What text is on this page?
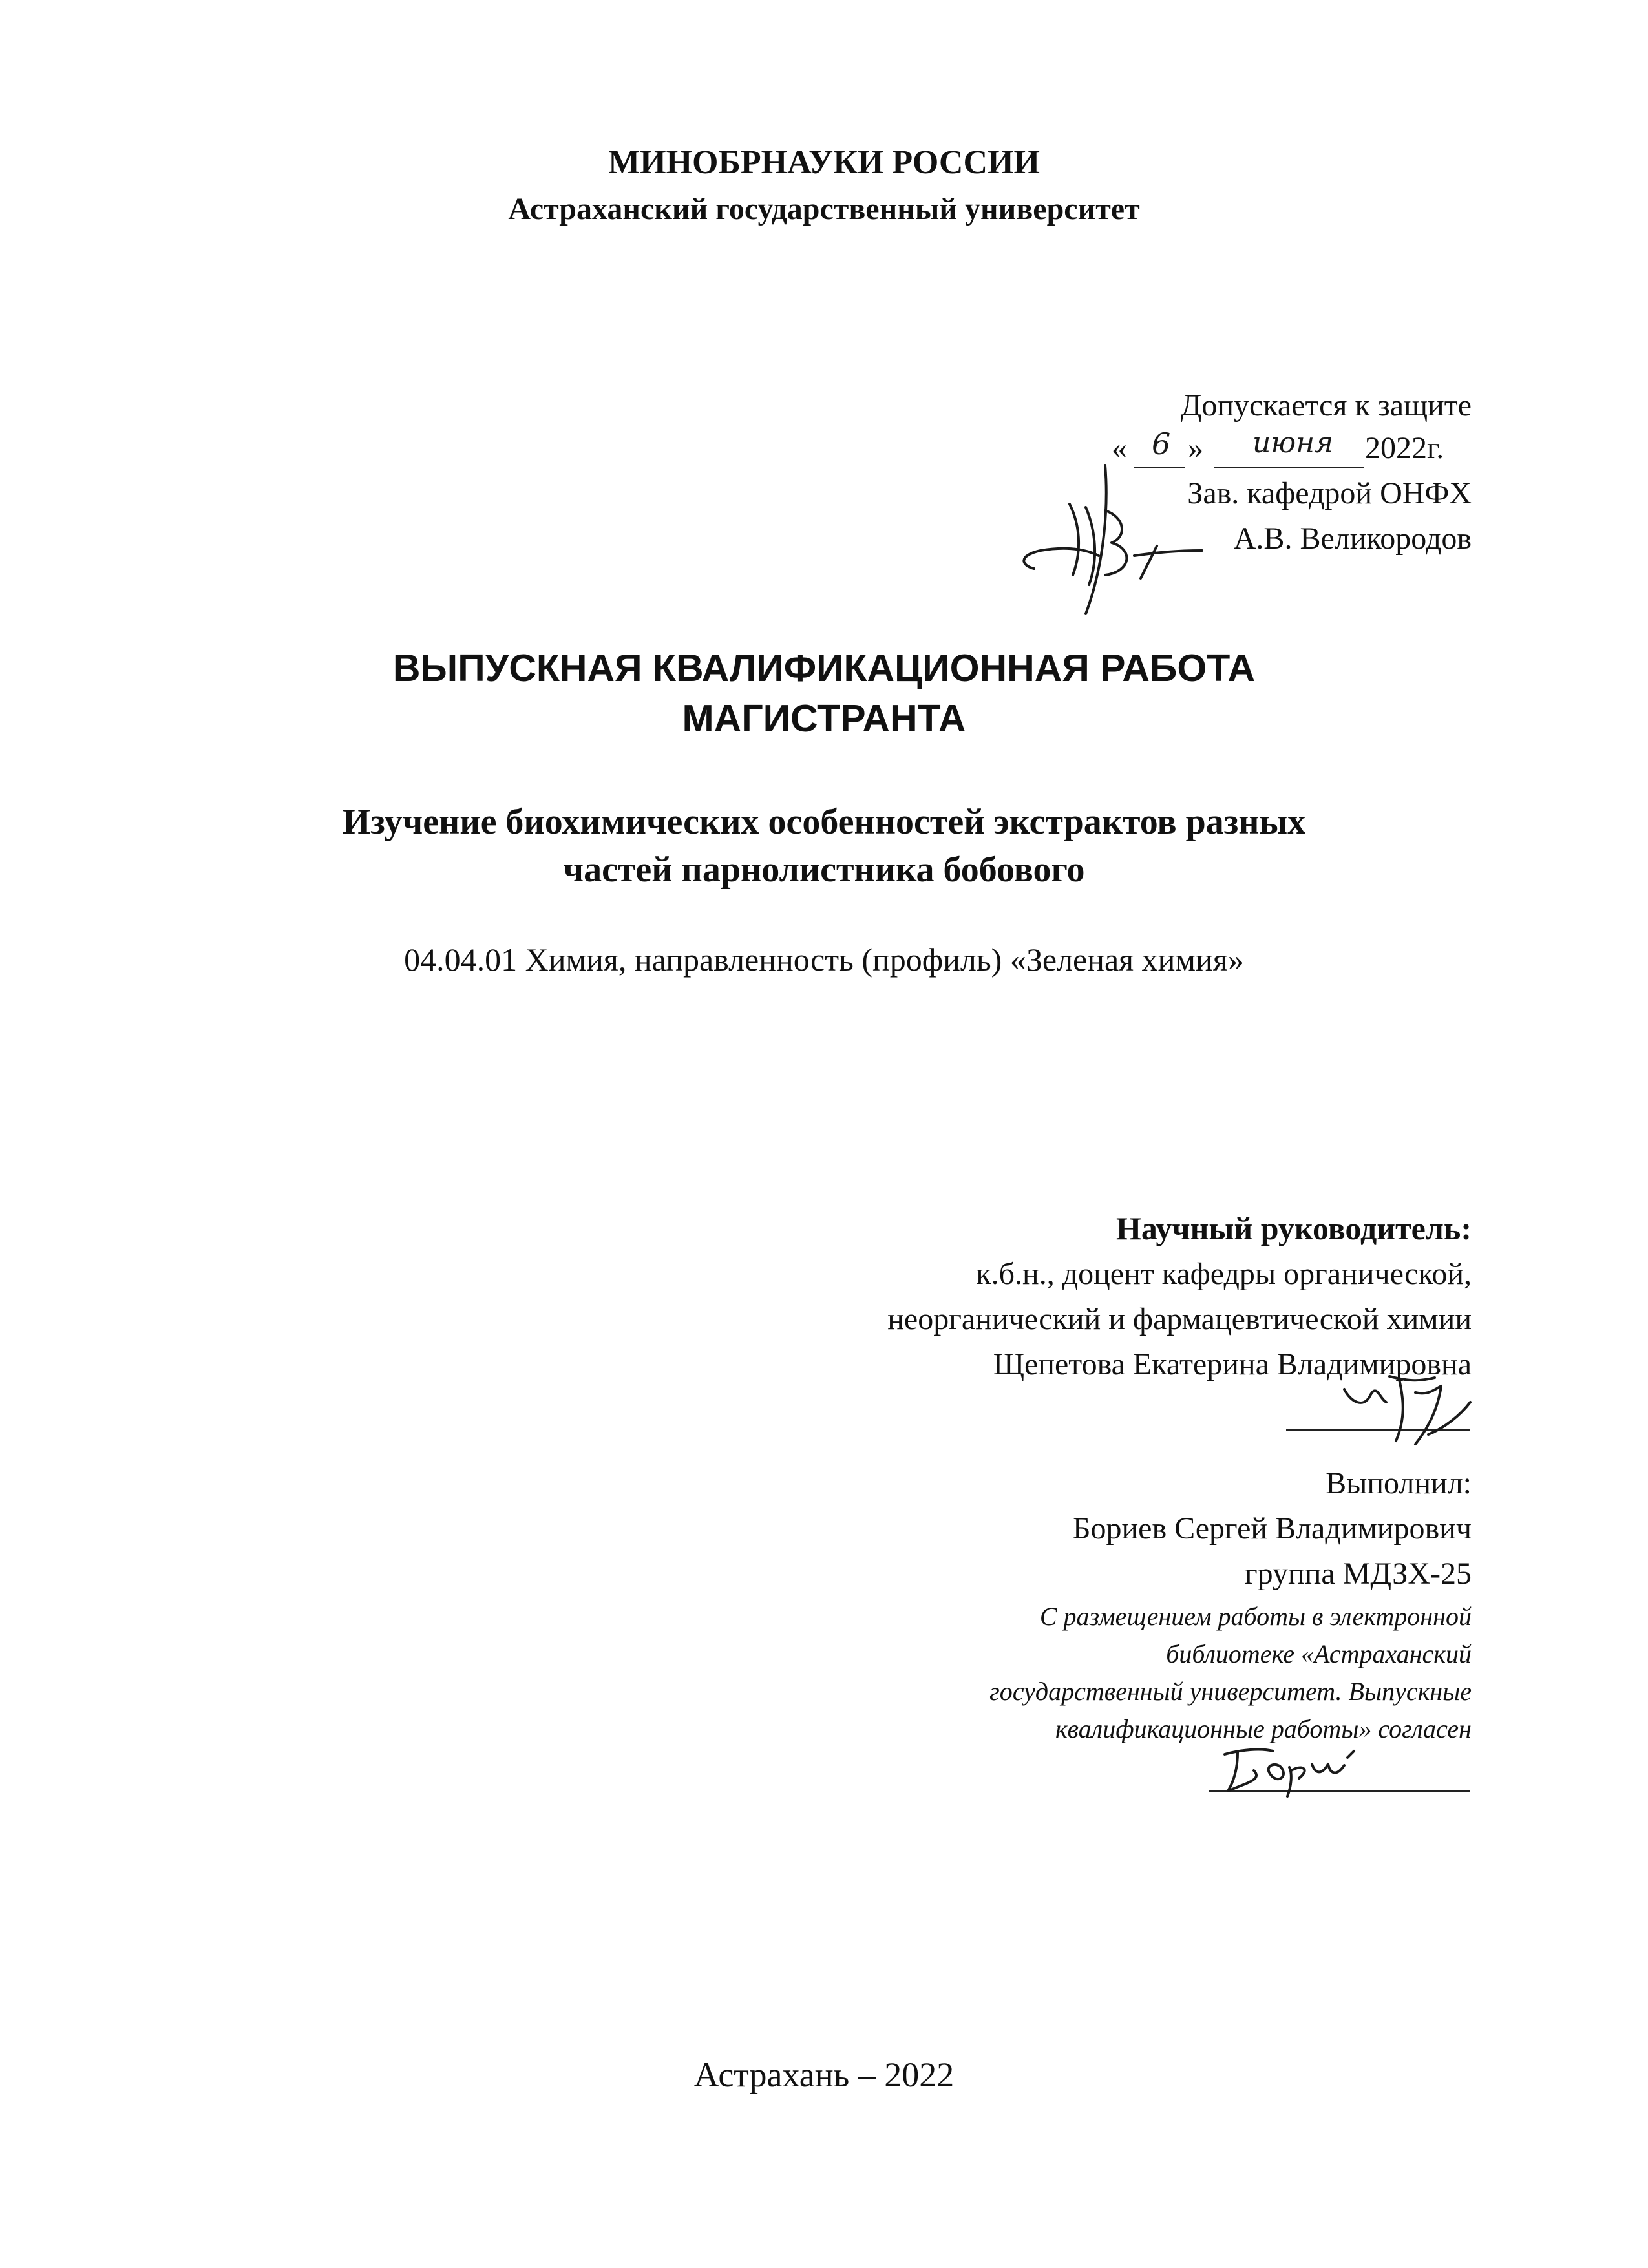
МИНОБРНАУКИ РОССИИ
Астраханский государственный университет
Допускается к защите
« 6 » июня 2022г.
Зав. кафедрой ОНФХ
А.В. Великородов
ВЫПУСКНАЯ КВАЛИФИКАЦИОННАЯ РАБОТА
МАГИСТРАНТА
Изучение биохимических особенностей экстрактов разных
частей парнолистника бобового
04.04.01 Химия, направленность (профиль) «Зеленая химия»
Научный руководитель:
к.б.н., доцент кафедры органической,
неорганический и фармацевтической химии
Щепетова Екатерина Владимировна
Выполнил:
Бориев Сергей Владимирович
группа МДЗХ-25
С размещением работы в электронной
библиотеке «Астраханский
государственный университет. Выпускные
квалификационные работы» согласен
Астрахань – 2022
